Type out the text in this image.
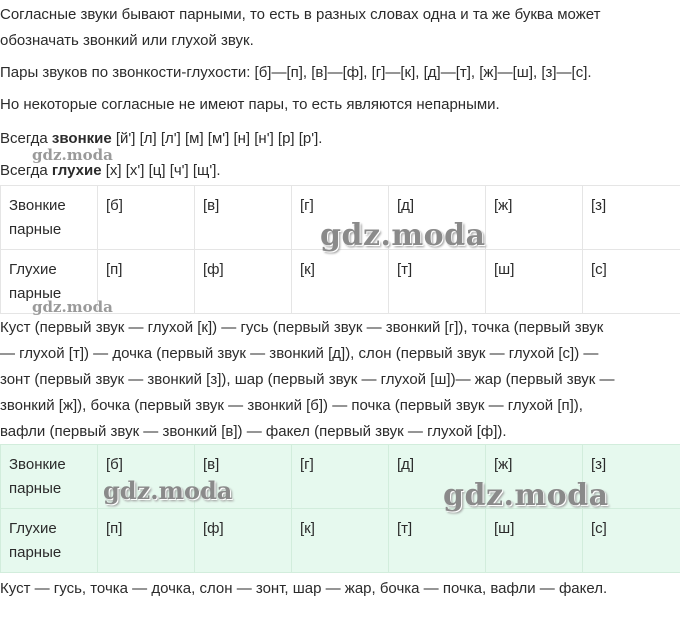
Согласные звуки бывают парными, то есть в разных словах одна и та же буква может
обозначать звонкий или глухой звук.

Пары звуков по звонкости-глухости: [б]—[п], [в]—[ф], [г]—[к], [д]—[т], [ж]—[ш], [з]—[с].

Но некоторые согласные не имеют пары, то есть являются непарными.

Всегда звонкие [й'] [л] [л'] [м] [м'] [н] [н'] [р] [р'].

Всегда глухие [х] [х'] [ц] [ч'] [щ'].

Звонкие парные	[б]	[в]	[г]	[д]	[ж]	[з]
Глухие парные	[п]	[ф]	[к]	[т]	[ш]	[с]
Куст (первый звук — глухой [к]) — гусь (первый звук — звонкий [г]), точка (первый звук
— глухой [т]) — дочка (первый звук — звонкий [д]), слон (первый звук — глухой [с]) —
зонт (первый звук — звонкий [з]), шар (первый звук — глухой [ш])— жар (первый звук —
звонкий [ж]), бочка (первый звук — звонкий [б]) — почка (первый звук — глухой [п]),
вафли (первый звук — звонкий [в]) — факел (первый звук — глухой [ф]).
Звонкие парные	[б]	[в]	[г]	[д]	[ж]	[з]
Глухие парные	[п]	[ф]	[к]	[т]	[ш]	[с]

Куст — гусь, точка — дочка, слон — зонт, шар — жар, бочка — почка, вафли — факел.

gdz.moda
gdz.moda
gdz.moda
gdz.moda	gdz.moda
